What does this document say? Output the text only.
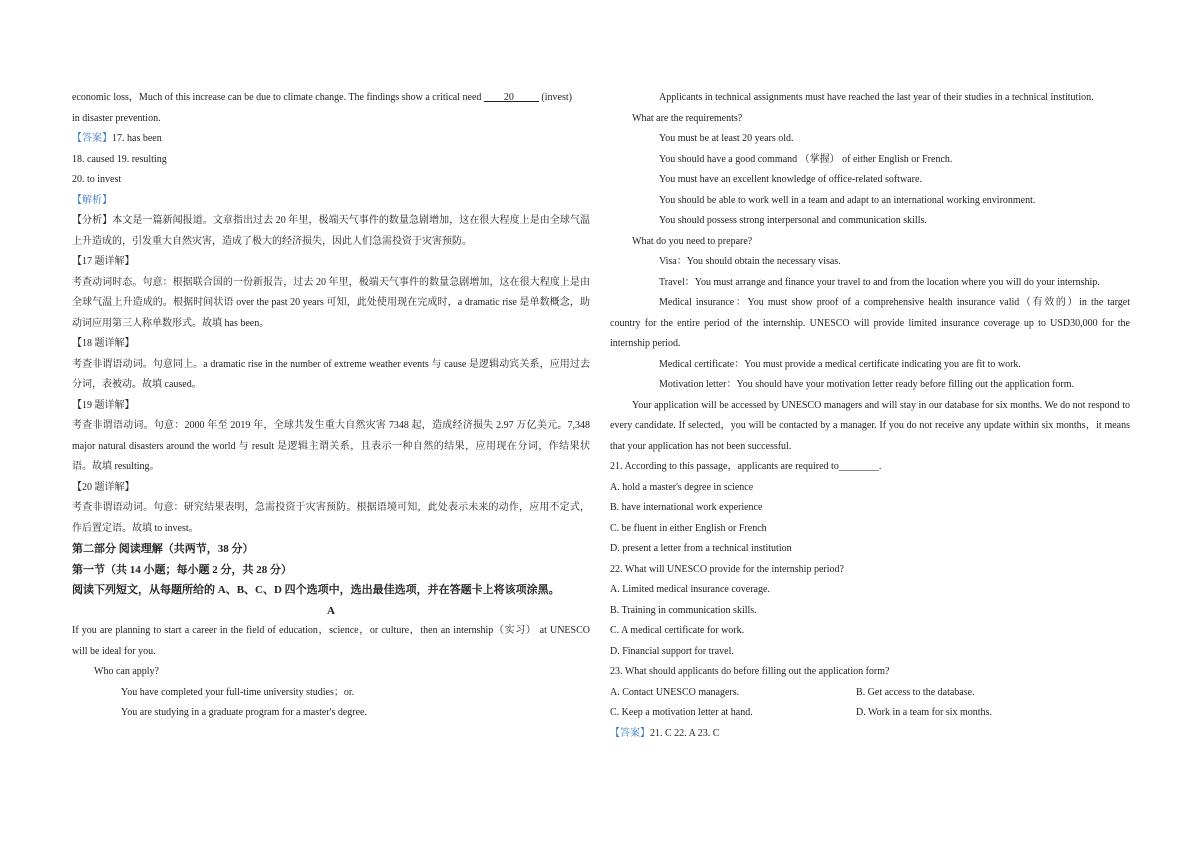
economic loss，Much of this increase can be due to climate change. The findings show a critical need ____20_____ (invest)
in disaster prevention.
【答案】17. has been
18. caused 19. resulting
20. to invest
【解析】
【分析】本文是一篇新闻报道。文章指出过去 20 年里，极端天气事件的数量急剧增加，这在很大程度上是由全球气温上升造成的，引发重大自然灾害，造成了极大的经济损失，因此人们急需投资于灾害预防。
【17 题详解】
考查动词时态。句意：根据联合国的一份新报告，过去 20 年里，极端天气事件的数量急剧增加，这在很大程度上是由全球气温上升造成的。根据时间状语 over the past 20 years 可知，此处使用现在完成时，a dramatic rise 是单数概念，助动词应用第三人称单数形式。故填 has been。
【18 题详解】
考查非谓语动词。句意同上。a dramatic rise in the number of extreme weather events 与 cause 是逻辑动宾关系，应用过去分词，表被动。故填 caused。
【19 题详解】
考查非谓语动词。句意：2000 年至 2019 年，全球共发生重大自然灾害 7348 起，造成经济损失 2.97 万亿美元。7,348 major natural disasters around the world 与 result 是逻辑主谓关系，且表示一种自然的结果，应用现在分词，作结果状语。故填 resulting。
【20 题详解】
考查非谓语动词。句意：研究结果表明，急需投资于灾害预防。根据语境可知，此处表示未来的动作，应用不定式，作后置定语。故填 to invest。
第二部分 阅读理解（共两节，38 分）
第一节（共 14 小题；每小题 2 分，共 28 分）
阅读下列短文，从每题所给的 A、B、C、D 四个选项中，选出最佳选项，并在答题卡上将该项涂黑。
A
If you are planning to start a career in the field of education，science，or culture，then an internship（实习） at UNESCO will be ideal for you.
Who can apply?
You have completed your full-time university studies；or.
You are studying in a graduate program for a master's degree.
Applicants in technical assignments must have reached the last year of their studies in a technical institution.
What are the requirements?
You must be at least 20 years old.
You should have a good command （掌握） of either English or French.
You must have an excellent knowledge of office-related software.
You should be able to work well in a team and adapt to an international working environment.
You should possess strong interpersonal and communication skills.
What do you need to prepare?
Visa：You should obtain the necessary visas.
Travel：You must arrange and finance your travel to and from the location where you will do your internship.
Medical insurance：You must show proof of a comprehensive health insurance valid（有效的）in the target country for the entire period of the internship. UNESCO will provide limited insurance coverage up to USD30,000 for the internship period.
Medical certificate：You must provide a medical certificate indicating you are fit to work.
Motivation letter：You should have your motivation letter ready before filling out the application form.
Your application will be accessed by UNESCO managers and will stay in our database for six months. We do not respond to every candidate. If selected，you will be contacted by a manager. If you do not receive any update within six months，it means that your application has not been successful.
21. According to this passage，applicants are required to________.
A. hold a master's degree in science
B. have international work experience
C. be fluent in either English or French
D. present a letter from a technical institution
22. What will UNESCO provide for the internship period?
A. Limited medical insurance coverage.
B. Training in communication skills.
C. A medical certificate for work.
D. Financial support for travel.
23. What should applicants do before filling out the application form?
A. Contact UNESCO managers.	B. Get access to the database.
C. Keep a motivation letter at hand.	D. Work in a team for six months.
【答案】21. C 22. A 23. C
